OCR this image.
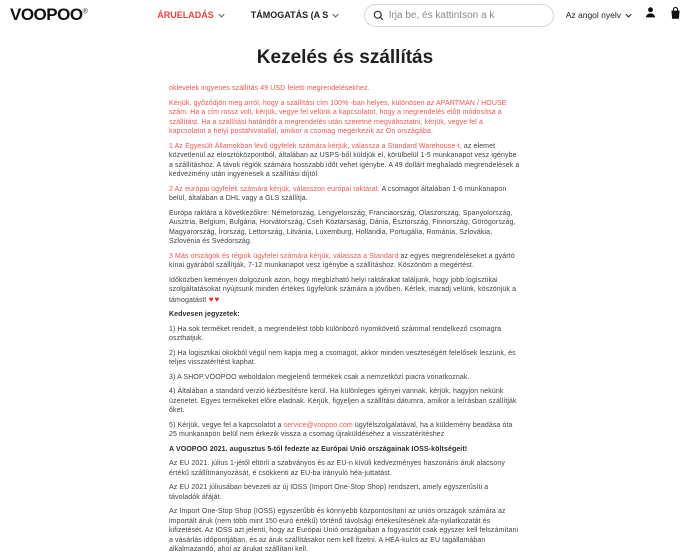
VOOPOO®	ÁRUELADÁS	TÁMOGATÁS (A S
Írja be, és kattintson a k	Az angol nyelv
Kezelés és szállítás

oklevelek ingyenes szállítás 49 USD feletti megrendelésekhez.

Kérjük, győződjön meg arról, hogy a szállítási cím 100% -ban helyes, különösen az APARTMAN / HOUSE szám. Ha a cím rossz volt, kérjük, vegye fel velünk a kapcsolatot, hogy a megrendelés előtt módosítsa a szállítást. Ha a szállítási határidőt a megrendelés után szeretné megváltoztatni, kérjük, vegye fel a kapcsolatot a helyi postahivatallal, amikor a csomag megérkezik az Ön országába.

1 Az Egyesült Államokban lévő ügyfelek számára kérjük, válassza a Standard Warehouse-t, az elemet közvetlenül az elosztóközpontból, általában az USPS-ből küldjük el, körülbelül 1-5 munkanapot vesz igénybe a szállításhoz. A távoli régiók számára hosszabb időt vehet igénybe. A 49 dollárt meghaladó megrendelések a kedvezmény után ingyenesek a szállítási díjtól

2 Az európai ügyfelek számára kérjük, válasszon európai raktárat. A csomagot általában 1-6 munkanapon belül, általában a DHL vagy a GLS szállítja.

Európa raktára a következőkre: Németország, Lengyelország, Franciaország, Olaszország, Spanyolország, Ausztria, Belgium, Bulgária, Horvátország, Cseh Köztársaság, Dánia, Észtország, Finnország, Görögország, Magyarország, Írország, Lettország, Litvánia, Luxemburg, Hollandia, Portugália, Románia, Szlovákia, Szlovénia és Svédország.

3 Más országok és régiók ügyfelei számára kérjük, válassza a Standard az egyes megrendeléseket a gyártó kínai gyárából szállítják, 7-12 munkanapot vesz igénybe a szállításhoz. Köszönöm a megértést.

Időközben keményen dolgozunk azon, hogy megbízható helyi raktárakat találjunk, hogy jobb logisztikai szolgáltatásokat nyújtsunk minden értékes ügyfelünk számára a jövőben. Kérlek, maradj velünk, köszönjük a támogatást! ♥♥

Kedvesen jegyzetek:

1) Ha sok terméket rendelt, a megrendelést több különböző nyomkövető számmal rendelkező csomagra oszthatjuk.

2) Ha logisztikai okokból végül nem kapja meg a csomagot, akkor minden veszteségért felelősek leszünk, és teljes visszatérítést kaphat.

3) A SHOP.VOOPOO weboldalon megjelenő termékek csak a nemzetközi piacra vonatkoznak.

4) Általában a standard verzió kézbesítésre kerül. Ha különleges igényei vannak, kérjük, hagyjon nekünk üzenetet. Egyes termékeket előre eladnak. Kérjük, figyeljen a szállítási dátumra, amikor a leírásban szállítják őket.

5) Kérjük, vegye fel a kapcsolatot a service@voopoo.com ügyfélszolgálatával, ha a küldemény beadása óta 25 munkanapon belül nem érkezik vissza a csomag újraküldéséhez a visszatérítéshez

A VOOPOO 2021. augusztus 5-től fedezte az Európai Unió országainak IOSS-költségeit!

Az EU 2021. július 1-jétől eltörli a szabványos és az EU-n kívüli kedvezményes haszonáris áruk alacsony értékű szállítmányozását, é csökkenti az EU-ba irányuló héa-juttatást.

Az EU 2021 júliusában bevezeti az új IOSS (Import One-Stop Shop) rendszert, amely egyszerűsíti a távoladók áfáját.

Az Import One-Stop Shop (IOSS) egyszerűbb és könnyebb központosítani az uniós országok számára az importált áruk (nem több mint 150 euró értékű) történő távolsági értékesítésének áfa-nyilatkozatát és kifizetését. Az IOSS azt jelenti, hogy az Európai Unió országaiban a fogyasztót csak egyszer kell felszámítani a vásárlás időpontjában, és az áruk szállításakor nem kell fizetni. A HÉA-kulcs az EU tagállamában alkalmazandó, ahol az árukat szállítani kell.
